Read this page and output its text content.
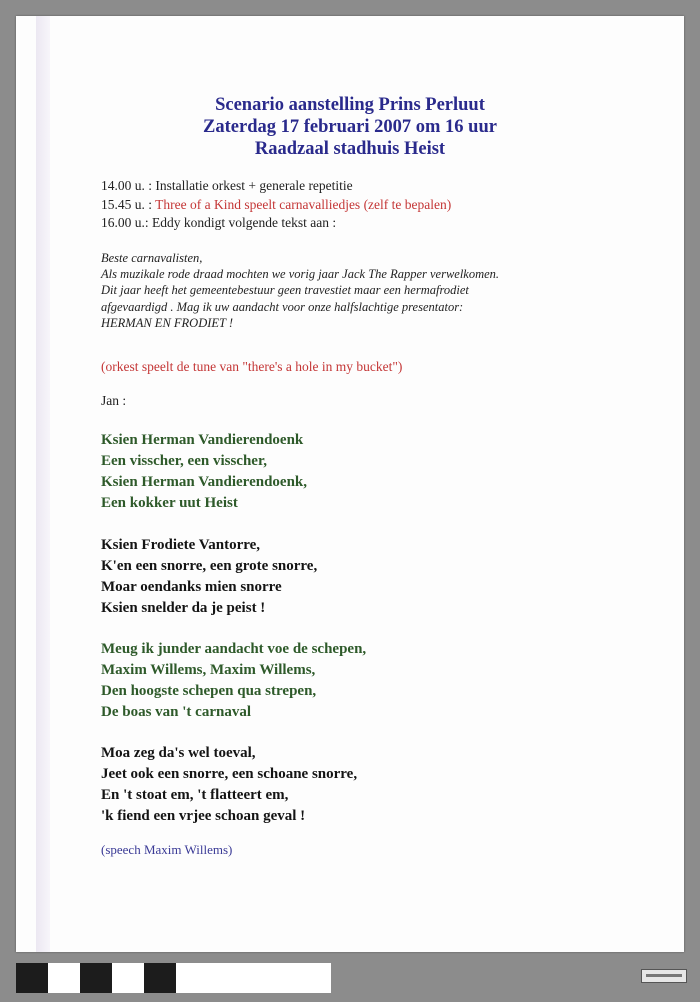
Scenario aanstelling Prins Perluut
Zaterdag 17 februari 2007 om 16 uur
Raadzaal stadhuis Heist
14.00 u. : Installatie orkest + generale repetitie
15.45 u. : Three of a Kind speelt carnavalliedjes (zelf te bepalen)
16.00 u.: Eddy kondigt volgende tekst aan :
Beste carnavalisten,
Als muzikale rode draad mochten we vorig jaar Jack The Rapper verwelkomen.
Dit jaar heeft het gemeentebestuur geen travestiet maar een hermafrodiet
afgevaardigd . Mag ik uw aandacht voor onze halfslachtige presentator:
HERMAN EN FRODIET !
(orkest speelt de tune van "there's a hole in my bucket")
Jan :
Ksien Herman Vandierendoenk
Een visscher, een visscher,
Ksien Herman Vandierendoenk,
Een kokker uut Heist
Ksien Frodiete Vantorre,
K'en een snorre, een grote snorre,
Moar oendanks mien snorre
Ksien snelder da je peist !
Meug ik junder aandacht voe de schepen,
Maxim Willems, Maxim Willems,
Den hoogste schepen qua strepen,
De boas van 't carnaval
Moa zeg da's wel toeval,
Jeet ook een snorre, een schoane snorre,
En 't stoat em, 't flatteert em,
'k fiend een vrjee schoan geval !
(speech Maxim Willems)
